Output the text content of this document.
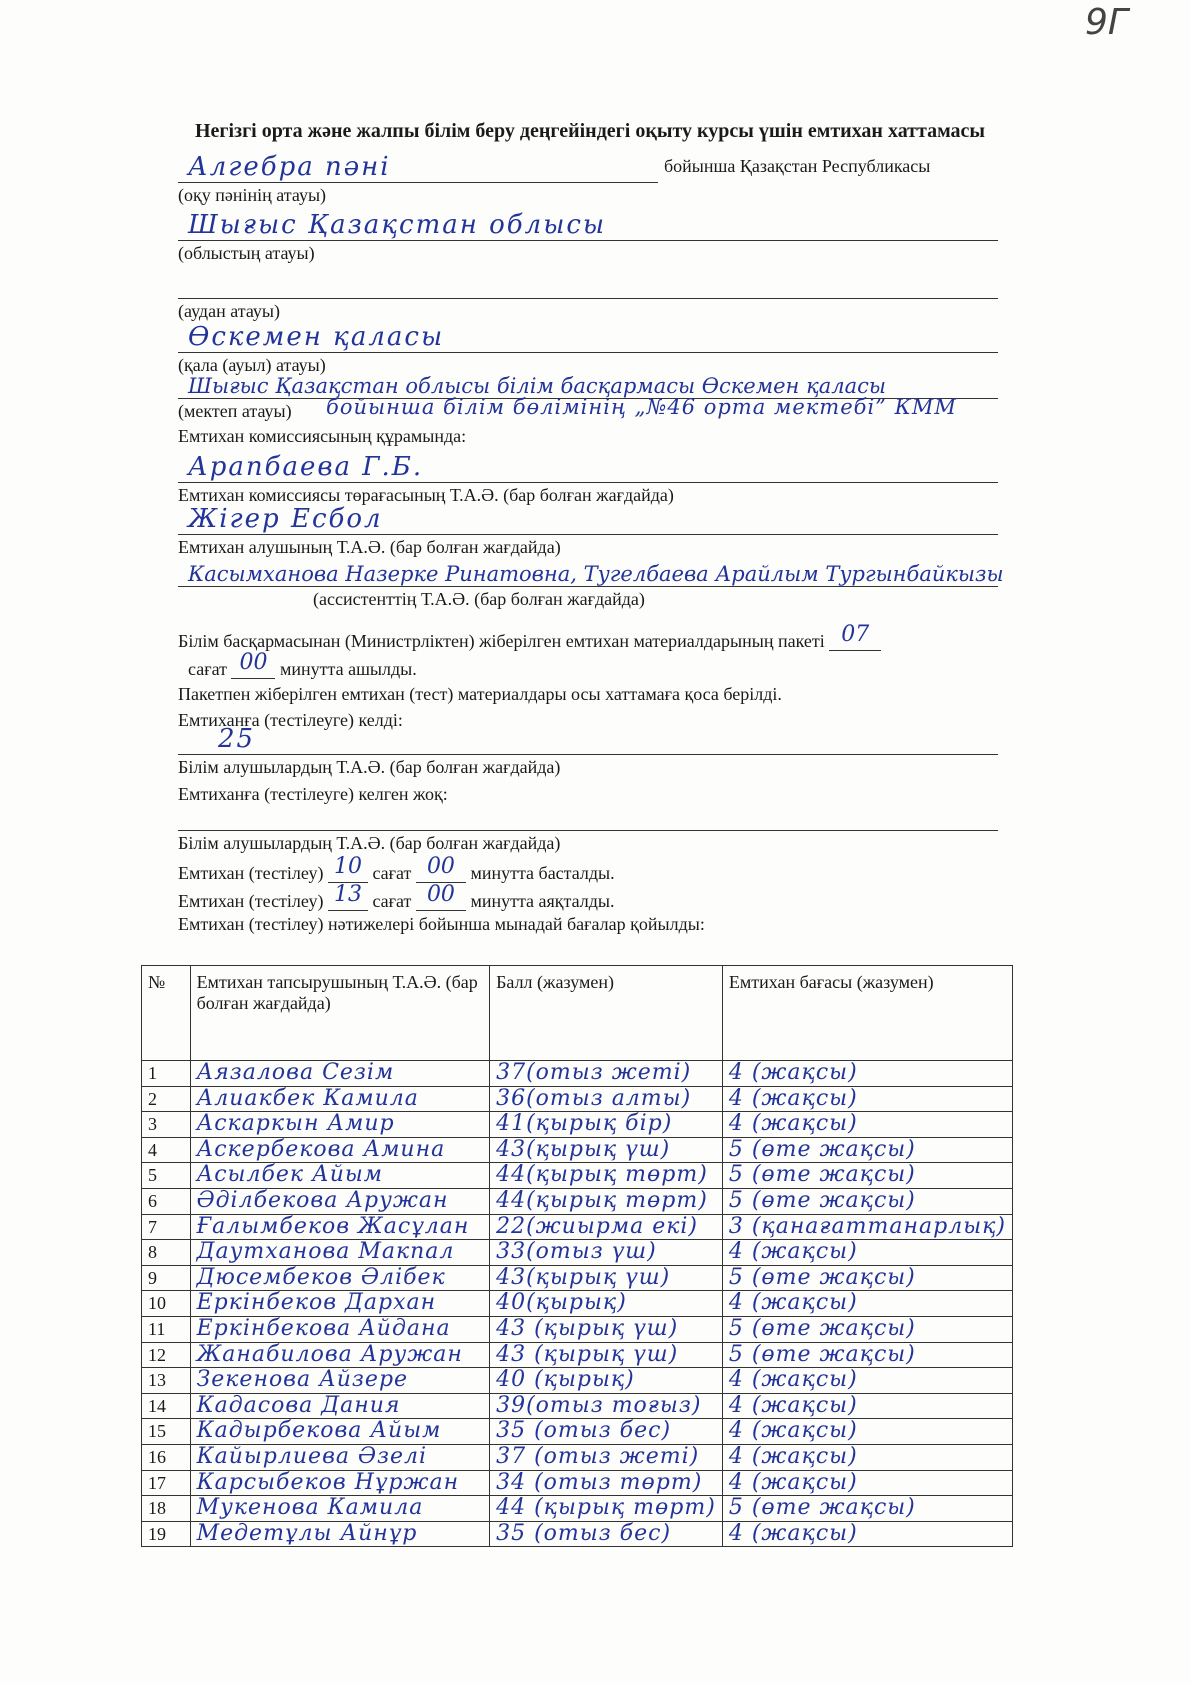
9Г
Негізгі орта және жалпы білім беру деңгейіндегі оқыту курсы үшін емтихан хаттамасы
Алгебра пәні	бойынша Қазақстан Республикасы
(оқу пәнінің атауы)
Шығыс Қазақстан облысы
(облыстың атауы)
(аудан атауы)
Өскемен қаласы
(қала (ауыл) атауы)
Шығыс Қазақстан облысы білім басқармасы Өскемен қаласы
(мектеп атауы) бойынша білім бөлімінің „№46 орта мектебі” КММ
Емтихан комиссиясының құрамында:
Арапбаева Г.Б.
Емтихан комиссиясы төрағасының Т.А.Ә. (бар болған жағдайда)
Жігер Есбол
Емтихан алушының Т.А.Ә. (бар болған жағдайда)
Касымханова Назерке Ринатовна, Тугелбаева Арайлым Тургынбайкызы
(ассистенттің Т.А.Ә. (бар болған жағдайда)
Білім басқармасынан (Министрліктен) жіберілген емтихан материалдарының пакеті 07
сағат 00 минутта ашылды.
Пакетпен жіберілген емтихан (тест) материалдары осы хаттамаға қоса берілді.
Емтиханға (тестілеуге) келді:
25
Білім алушылардың Т.А.Ә. (бар болған жағдайда)
Емтиханға (тестілеуге) келген жоқ:
Білім алушылардың Т.А.Ә. (бар болған жағдайда)
Емтихан (тестілеу) 10 сағат 00 минутта басталды.
Емтихан (тестілеу) 13 сағат 00 минутта аяқталды.
Емтихан (тестілеу) нәтижелері бойынша мынадай бағалар қойылды:
№	Емтихан тапсырушының Т.А.Ә. (бар болған жағдайда)	Балл (жазумен)	Емтихан бағасы (жазумен)
1	Аязалова Сезім	37(отыз жеті)	4 (жақсы)
2	Алиакбек Камила	36(отыз алты)	4 (жақсы)
3	Аскаркын Амир	41(қырық бір)	4 (жақсы)
4	Аскербекова Амина	43(қырық үш)	5 (өте жақсы)
5	Асылбек Айым	44(қырық төрт)	5 (өте жақсы)
6	Әділбекова Аружан	44(қырық төрт)	5 (өте жақсы)
7	Ғалымбеков Жасұлан	22(жиырма екі)	3 (қанағаттанарлық)
8	Даутханова Макпал	33(отыз үш)	4 (жақсы)
9	Дюсембеков Әлібек	43(қырық үш)	5 (өте жақсы)
10	Еркінбеков Дархан	40(қырық)	4 (жақсы)
11	Еркінбекова Айдана	43 (қырық үш)	5 (өте жақсы)
12	Жанабилова Аружан	43 (қырық үш)	5 (өте жақсы)
13	Зекенова Айзере	40 (қырық)	4 (жақсы)
14	Кадасова Дания	39(отыз тоғыз)	4 (жақсы)
15	Кадырбекова Айым	35 (отыз бес)	4 (жақсы)
16	Кайырлиева Әзелі	37 (отыз жеті)	4 (жақсы)
17	Карсыбеков Нұржан	34 (отыз төрт)	4 (жақсы)
18	Мукенова Камила	44 (қырық төрт)	5 (өте жақсы)
19	Медетұлы Айнұр	35 (отыз бес)	4 (жақсы)
